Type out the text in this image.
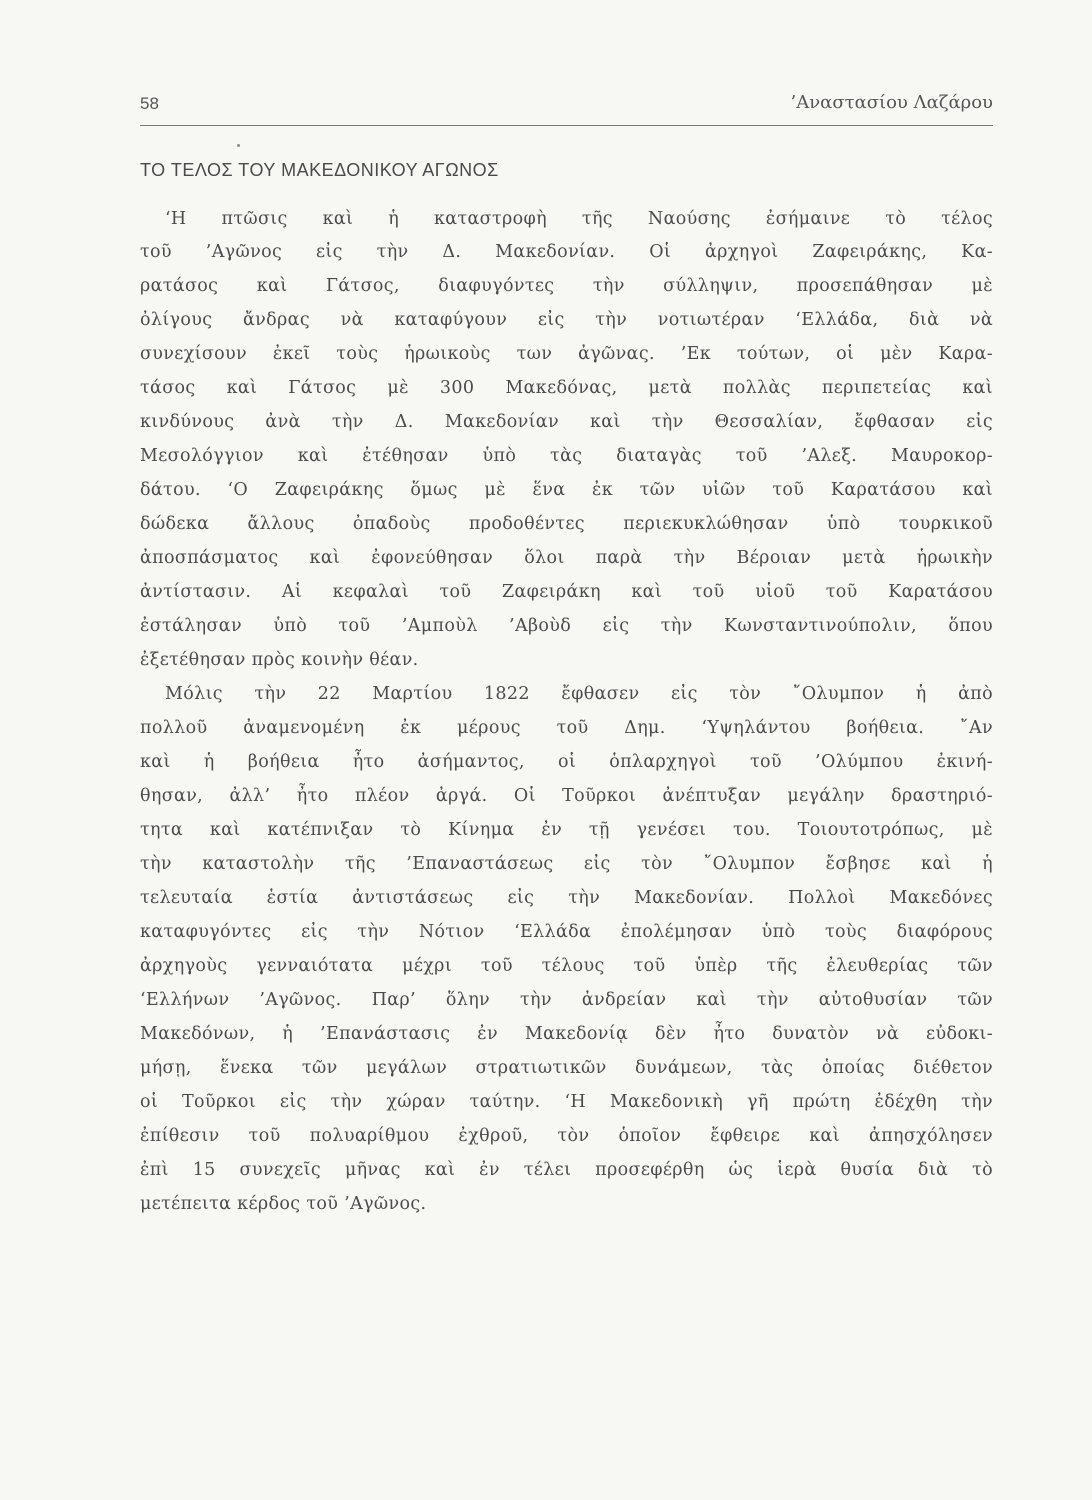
58	’Αναστασίου Λαζάρου
ΤΟ ΤΕΛΟΣ ΤΟΥ ΜΑΚΕΔΟΝΙΚΟΥ ΑΓΩΝΟΣ
‘Η πτῶσις καὶ ἡ καταστροφὴ τῆς Ναούσης ἐσήμαινε τὸ τέλος
τοῦ ’Αγῶνος εἰς τὴν Δ. Μακεδονίαν. Οἱ ἀρχηγοὶ Ζαφειράκης, Κα-
ρατάσος καὶ Γάτσος, διαφυγόντες τὴν σύλληψιν, προσεπάθησαν μὲ
ὀλίγους ἄνδρας νὰ καταφύγουν εἰς τὴν νοτιωτέραν ‘Ελλάδα, διὰ νὰ
συνεχίσουν ἐκεῖ τοὺς ἡρωικοὺς των ἀγῶνας. ’Εκ τούτων, οἱ μὲν Καρα-
τάσος καὶ Γάτσος μὲ 300 Μακεδόνας, μετὰ πολλὰς περιπετείας καὶ
κινδύνους ἀνὰ τὴν Δ. Μακεδονίαν καὶ τὴν Θεσσαλίαν, ἔφθασαν εἰς
Μεσολόγγιον καὶ ἐτέθησαν ὑπὸ τὰς διαταγὰς τοῦ ’Αλεξ. Μαυροκορ-
δάτου. ‘Ο Ζαφειράκης ὅμως μὲ ἕνα ἐκ τῶν υἱῶν τοῦ Καρατάσου καὶ
δώδεκα ἄλλους ὀπαδοὺς προδοθέντες περιεκυκλώθησαν ὑπὸ τουρκικοῦ
ἀποσπάσματος καὶ ἐφονεύθησαν ὅλοι παρὰ τὴν Βέροιαν μετὰ ἡρωικὴν
ἀντίστασιν. Αἱ κεφαλαὶ τοῦ Ζαφειράκη καὶ τοῦ υἱοῦ τοῦ Καρατάσου
ἐστάλησαν ὑπὸ τοῦ ’Αμποὺλ ’Αβοὺδ εἰς τὴν Κωνσταντινούπολιν, ὅπου
ἐξετέθησαν πρὸς κοινὴν θέαν.
Μόλις τὴν 22 Μαρτίου 1822 ἔφθασεν εἰς τὸν ῎Ολυμπον ἡ ἀπὸ
πολλοῦ ἀναμενομένη ἐκ μέρους τοῦ Δημ. ‘Υψηλάντου βοήθεια. ῎Αν
καὶ ἡ βοήθεια ἦτο ἀσήμαντος, οἱ ὁπλαρχηγοὶ τοῦ ’Ολύμπου ἐκινή-
θησαν, ἀλλ’ ἦτο πλέον ἀργά. Οἱ Τοῦρκοι ἀνέπτυξαν μεγάλην δραστηριό-
τητα καὶ κατέπνιξαν τὸ Κίνημα ἐν τῇ γενέσει του. Τοιουτοτρόπως, μὲ
τὴν καταστολὴν τῆς ’Επαναστάσεως εἰς τὸν ῎Ολυμπον ἔσβησε καὶ ἡ
τελευταία ἑστία ἀντιστάσεως εἰς τὴν Μακεδονίαν. Πολλοὶ Μακεδόνες
καταφυγόντες εἰς τὴν Νότιον ‘Ελλάδα ἐπολέμησαν ὑπὸ τοὺς διαφόρους
ἀρχηγοὺς γενναιότατα μέχρι τοῦ τέλους τοῦ ὑπὲρ τῆς ἐλευθερίας τῶν
‘Ελλήνων ’Αγῶνος. Παρ’ ὅλην τὴν ἀνδρείαν καὶ τὴν αὐτοθυσίαν τῶν
Μακεδόνων, ἡ ’Επανάστασις ἐν Μακεδονίᾳ δὲν ἦτο δυνατὸν νὰ εὐδοκι-
μήσῃ, ἕνεκα τῶν μεγάλων στρατιωτικῶν δυνάμεων, τὰς ὁποίας διέθετον
οἱ Τοῦρκοι εἰς τὴν χώραν ταύτην. ‘Η Μακεδονικὴ γῆ πρώτη ἐδέχθη τὴν
ἐπίθεσιν τοῦ πολυαρίθμου ἐχθροῦ, τὸν ὁποῖον ἔφθειρε καὶ ἀπησχόλησεν
ἐπὶ 15 συνεχεῖς μῆνας καὶ ἐν τέλει προσεφέρθη ὡς ἱερὰ θυσία διὰ τὸ
μετέπειτα κέρδος τοῦ ’Αγῶνος.
